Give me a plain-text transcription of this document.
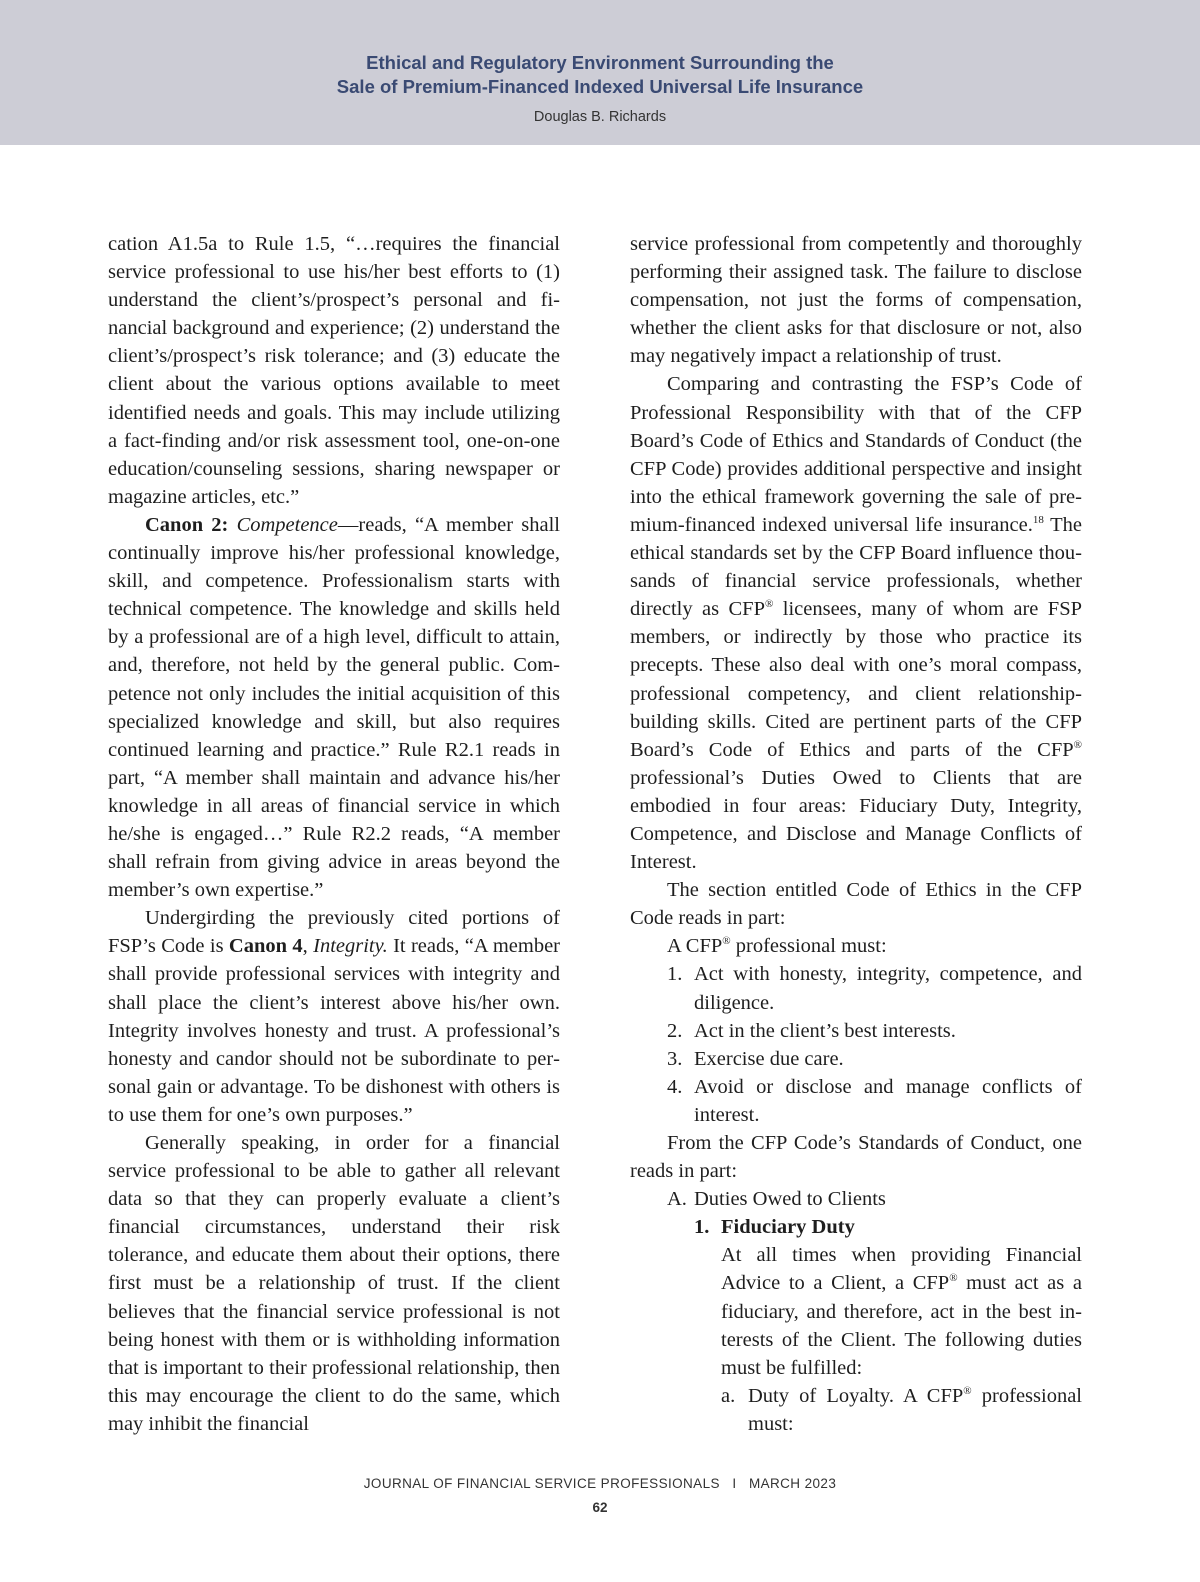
Ethical and Regulatory Environment Surrounding the
Sale of Premium-Financed Indexed Universal Life Insurance
Douglas B. Richards

cation A1.5a to Rule 1.5, “…requires the financial service professional to use his/her best efforts to (1) understand the client’s/prospect’s personal and financial background and experience; (2) understand the client’s/prospect’s risk tolerance; and (3) educate the client about the various options available to meet identified needs and goals. This may include utilizing a fact-finding and/or risk assessment tool, one-on-one education/counseling sessions, sharing newspaper or magazine articles, etc.”

Canon 2: Competence—reads, “A member shall continually improve his/her professional knowledge, skill, and competence. Professionalism starts with technical competence. The knowledge and skills held by a professional are of a high level, difficult to attain, and, therefore, not held by the general public. Competence not only includes the initial acquisition of this specialized knowledge and skill, but also requires continued learning and practice.” Rule R2.1 reads in part, “A member shall maintain and advance his/her knowledge in all areas of financial service in which he/she is engaged…” Rule R2.2 reads, “A member shall refrain from giving advice in areas beyond the member’s own expertise.”

Undergirding the previously cited portions of FSP’s Code is Canon 4, Integrity. It reads, “A member shall provide professional services with integrity and shall place the client’s interest above his/her own. Integrity involves honesty and trust. A professional’s honesty and candor should not be subordinate to personal gain or advantage. To be dishonest with others is to use them for one’s own purposes.”

Generally speaking, in order for a financial service professional to be able to gather all relevant data so that they can properly evaluate a client’s financial circumstances, understand their risk tolerance, and educate them about their options, there first must be a relationship of trust. If the client believes that the financial service professional is not being honest with them or is withholding information that is important to their professional relationship, then this may encourage the client to do the same, which may inhibit the financial

service professional from competently and thoroughly performing their assigned task. The failure to disclose compensation, not just the forms of compensation, whether the client asks for that disclosure or not, also may negatively impact a relationship of trust.

Comparing and contrasting the FSP’s Code of Professional Responsibility with that of the CFP Board’s Code of Ethics and Standards of Conduct (the CFP Code) provides additional perspective and insight into the ethical framework governing the sale of premium-financed indexed universal life insurance.$^{18}$ The ethical standards set by the CFP Board influence thousands of financial service professionals, whether directly as CFP® licensees, many of whom are FSP members, or indirectly by those who practice its precepts. These also deal with one’s moral compass, professional competency, and client relationship-building skills. Cited are pertinent parts of the CFP Board’s Code of Ethics and parts of the CFP® professional’s Duties Owed to Clients that are embodied in four areas: Fiduciary Duty, Integrity, Competence, and Disclose and Manage Conflicts of Interest.

The section entitled Code of Ethics in the CFP Code reads in part:

A CFP® professional must:

1. Act with honesty, integrity, competence, and diligence.
2. Act in the client’s best interests.
3. Exercise due care.
4. Avoid or disclose and manage conflicts of interest.

From the CFP Code’s Standards of Conduct, one reads in part:

A. Duties Owed to Clients
1. Fiduciary Duty

At all times when providing Financial Advice to a Client, a CFP® must act as a fiduciary, and therefore, act in the best interests of the Client. The following duties must be fulfilled:

a. Duty of Loyalty. A CFP® professional must:
JOURNAL OF FINANCIAL SERVICE PROFESSIONALS   I   MARCH 2023
62
